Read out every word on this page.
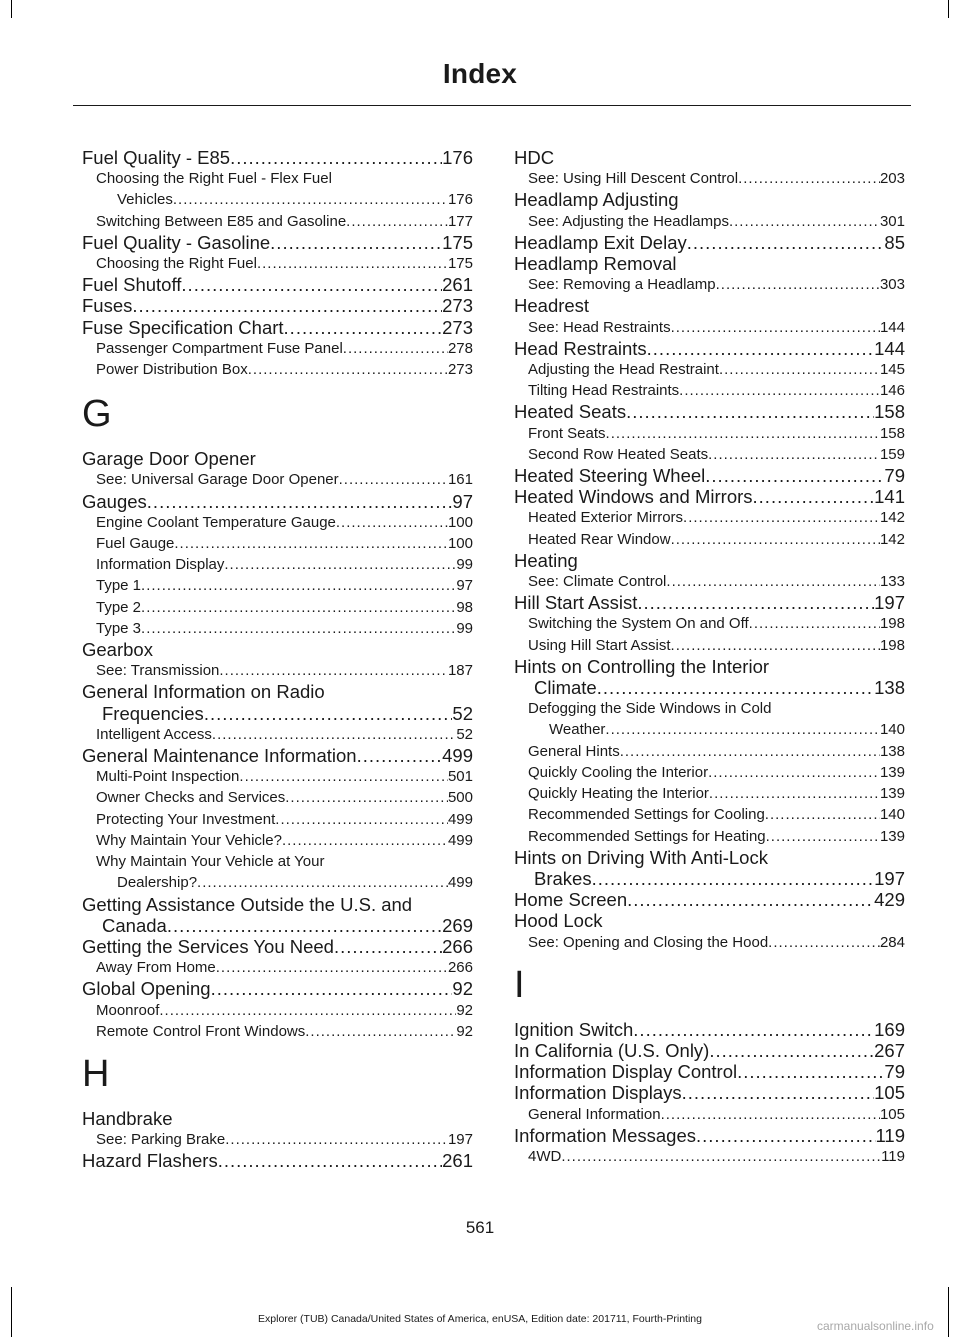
Index
Fuel Quality - E85 .....	176
Choosing the Right Fuel - Flex Fuel
Vehicles .....	176
Switching Between E85 and Gasoline .....	177
Fuel Quality - Gasoline .....	175
Choosing the Right Fuel .....	175
Fuel Shutoff .....	261
Fuses .....	273
Fuse Specification Chart .....	273
Passenger Compartment Fuse Panel .....	278
Power Distribution Box .....	273
G
Garage Door Opener
See: Universal Garage Door Opener .....	161
Gauges .....	97
Engine Coolant Temperature Gauge .....	100
Fuel Gauge .....	100
Information Display .....	99
Type 1 .....	97
Type 2 .....	98
Type 3 .....	99
Gearbox
See: Transmission .....	187
General Information on Radio
Frequencies .....	52
Intelligent Access .....	52
General Maintenance Information .....	499
Multi-Point Inspection .....	501
Owner Checks and Services .....	500
Protecting Your Investment .....	499
Why Maintain Your Vehicle? .....	499
Why Maintain Your Vehicle at Your
Dealership? .....	499
Getting Assistance Outside the U.S. and
Canada .....	269
Getting the Services You Need .....	266
Away From Home .....	266
Global Opening .....	92
Moonroof .....	92
Remote Control Front Windows .....	92
H
Handbrake
See: Parking Brake .....	197
Hazard Flashers .....	261
HDC
See: Using Hill Descent Control .....	203
Headlamp Adjusting
See: Adjusting the Headlamps .....	301
Headlamp Exit Delay .....	85
Headlamp Removal
See: Removing a Headlamp .....	303
Headrest
See: Head Restraints .....	144
Head Restraints .....	144
Adjusting the Head Restraint .....	145
Tilting Head Restraints .....	146
Heated Seats .....	158
Front Seats .....	158
Second Row Heated Seats .....	159
Heated Steering Wheel .....	79
Heated Windows and Mirrors .....	141
Heated Exterior Mirrors .....	142
Heated Rear Window .....	142
Heating
See: Climate Control .....	133
Hill Start Assist .....	197
Switching the System On and Off .....	198
Using Hill Start Assist .....	198
Hints on Controlling the Interior
Climate .....	138
Defogging the Side Windows in Cold
Weather .....	140
General Hints .....	138
Quickly Cooling the Interior .....	139
Quickly Heating the Interior .....	139
Recommended Settings for Cooling .....	140
Recommended Settings for Heating .....	139
Hints on Driving With Anti-Lock
Brakes .....	197
Home Screen .....	429
Hood Lock
See: Opening and Closing the Hood .....	284
I
Ignition Switch .....	169
In California (U.S. Only) .....	267
Information Display Control .....	79
Information Displays .....	105
General Information .....	105
Information Messages .....	119
4WD .....	119
561
Explorer (TUB) Canada/United States of America, enUSA, Edition date: 201711, Fourth-Printing	carmanualsonline.info
